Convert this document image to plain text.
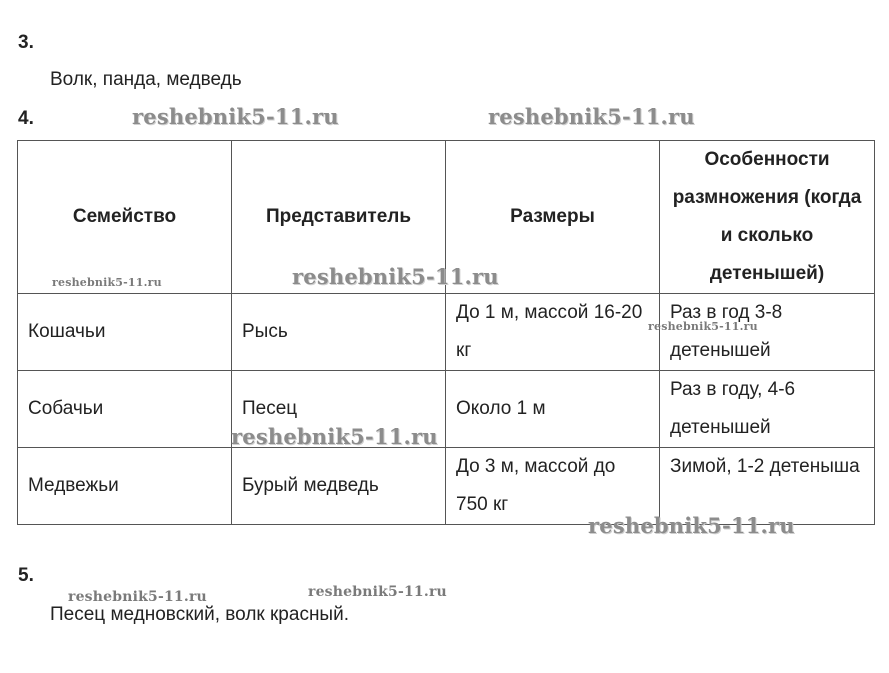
3.
Волк, панда, медведь
4.
Семейство	Представитель	Размеры	Особенности размножения (когда и сколько детенышей)
Кошачьи	Рысь	До 1 м, массой 16-20 кг	Раз в год 3-8 детенышей
Собачьи	Песец	Около 1 м	Раз в году, 4-6 детенышей
Медвежьи	Бурый медведь	До 3 м, массой до 750 кг	Зимой, 1-2 детеныша
5.
Песец медновский, волк красный.
reshebnik5-11.ru	reshebnik5-11.ru
reshebnik5-11.ru	reshebnik5-11.ru
reshebnik5-11.ru
reshebnik5-11.ru
reshebnik5-11.ru
reshebnik5-11.ru	reshebnik5-11.ru
